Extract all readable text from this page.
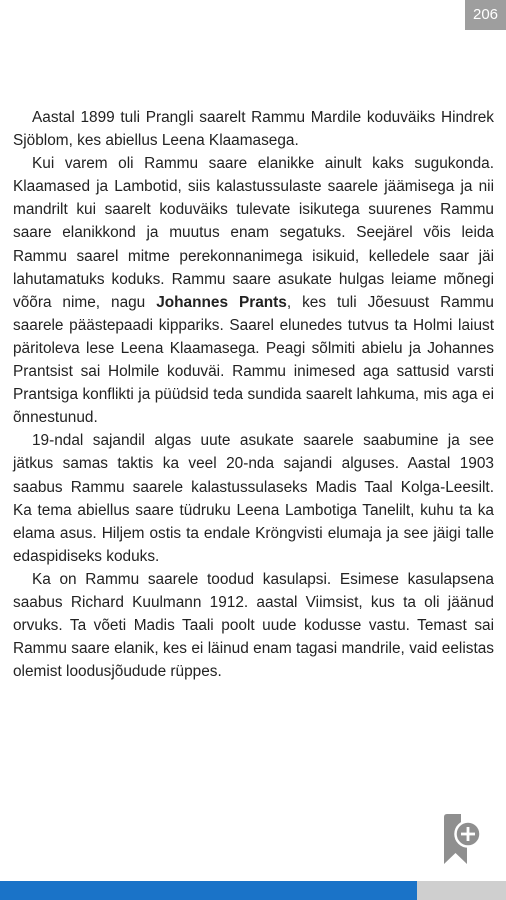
206

Aastal 1899 tuli Prangli saarelt Rammu Mardile koduväiks Hindrek Sjöblom, kes abiellus Leena Klaamasega.

Kui varem oli Rammu saare elanikke ainult kaks sugukonda. Klaamased ja Lambotid, siis kalastussulaste saarele jäämisega ja nii mandrilt kui saarelt koduväiks tulevate isikutega suurenes Rammu saare elanikkond ja muutus enam segatuks. Seejärel võis leida Rammu saarel mitme perekonnanimega isikuid, kelledele saar jäi lahutamatuks koduks. Rammu saare asukate hulgas leiame mõnegi võõra nime, nagu Johannes Prants, kes tuli Jõesuust Rammu saarele päästepaadi kippariks. Saarel elunedes tutvus ta Holmi laiust päritoleva lese Leena Klaamasega. Peagi sõlmiti abielu ja Johannes Prantsist sai Holmile koduväi. Rammu inimesed aga sattusid varsti Prantsiga konflikti ja püüdsid teda sundida saarelt lahkuma, mis aga ei õnnestunud.

19-ndal sajandil algas uute asukate saarele saabumine ja see jätkus samas taktis ka veel 20-nda sajandi alguses. Aastal 1903 saabus Rammu saarele kalastussulaseks Madis Taal Kolga-Leesilt. Ka tema abiellus saare tüdruku Leena Lambotiga Tanelilt, kuhu ta ka elama asus. Hiljem ostis ta endale Kröngvisti elumaja ja see jäigi talle edaspidiseks koduks.

Ka on Rammu saarele toodud kasulapsi. Esimese kasulapsena saabus Richard Kuulmann 1912. aastal Viimsist, kus ta oli jäänud orvuks. Ta võeti Madis Taali poolt uude kodusse vastu. Temast sai Rammu saare elanik, kes ei läinud enam tagasi mandrile, vaid eelistas olemist loodusjõudude rüppes.
